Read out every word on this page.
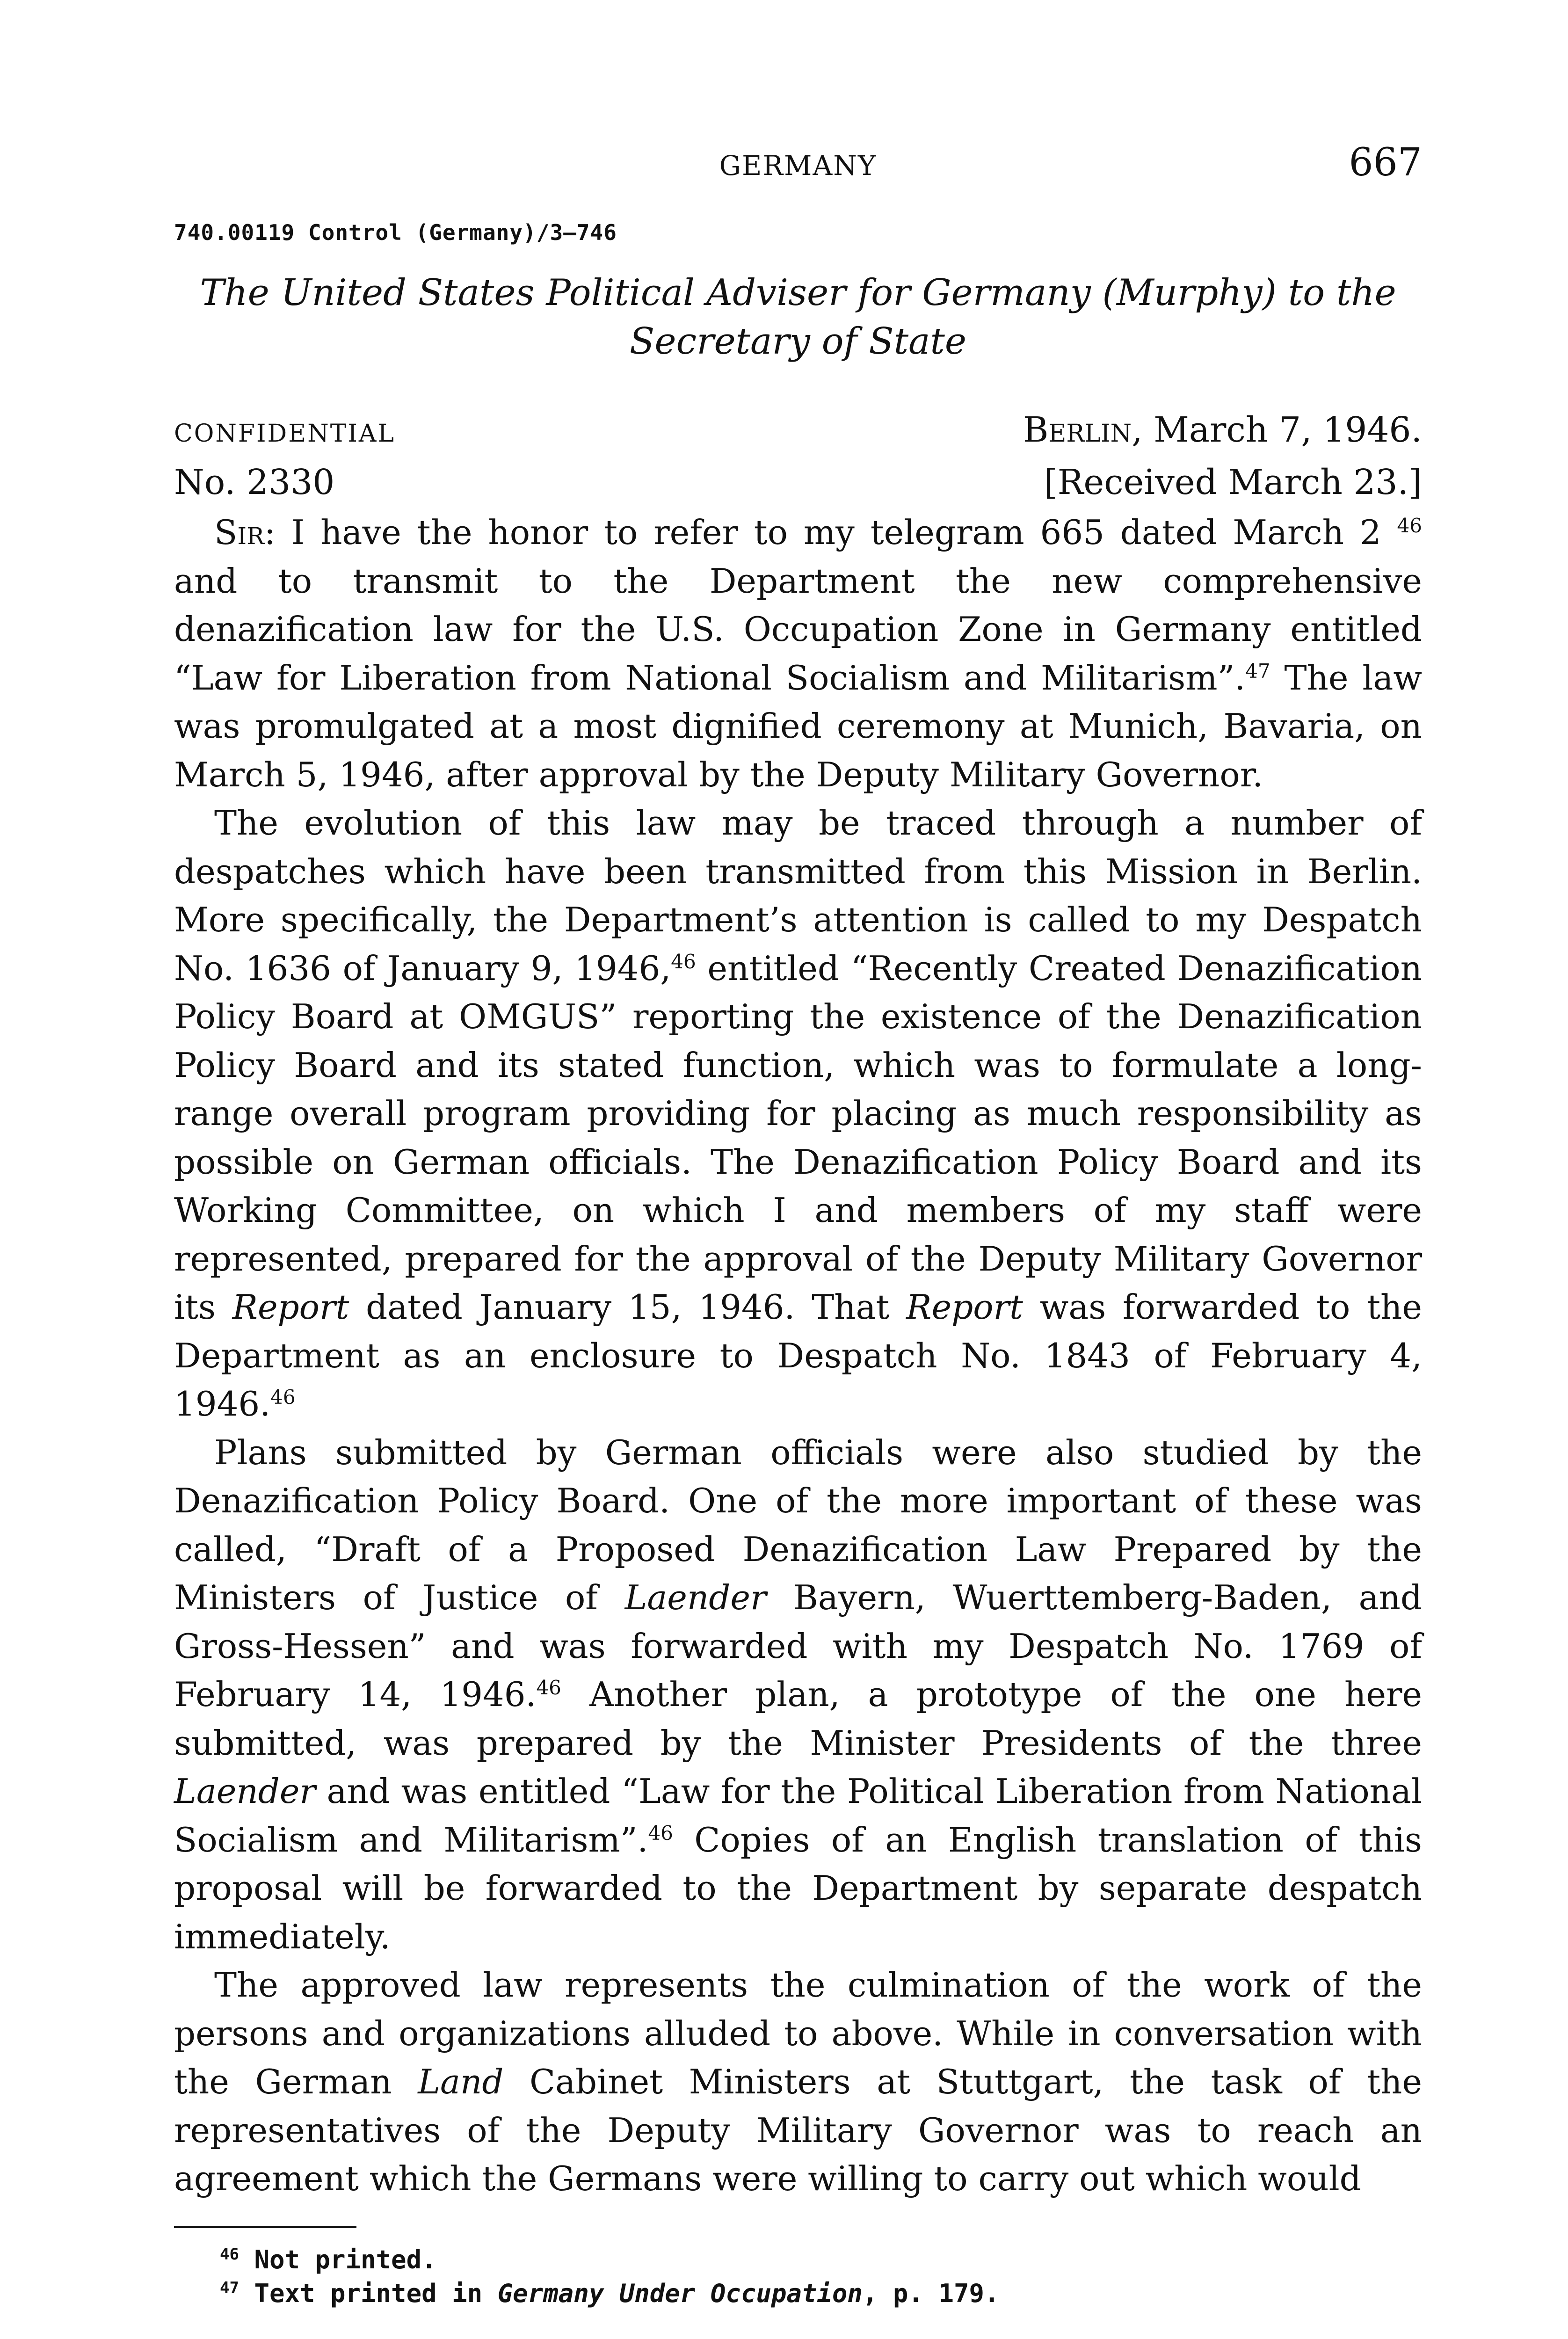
GERMANY	667
740.00119 Control (Germany)/3–746
The United States Political Adviser for Germany (Murphy) to the Secretary of State
CONFIDENTIAL	Berlin, March 7, 1946.
No. 2330	[Received March 23.]

Sir: I have the honor to refer to my telegram 665 dated March 2 $^{46}$ and to transmit to the Department the new comprehensive denazification law for the U.S. Occupation Zone in Germany entitled “Law for Liberation from National Socialism and Militarism”.$^{47}$ The law was promulgated at a most dignified ceremony at Munich, Bavaria, on March 5, 1946, after approval by the Deputy Military Governor.

The evolution of this law may be traced through a number of despatches which have been transmitted from this Mission in Berlin. More specifically, the Department’s attention is called to my Despatch No. 1636 of January 9, 1946,46 entitled “Recently Created Denazification Policy Board at OMGUS” reporting the existence of the Denazification Policy Board and its stated function, which was to formulate a long-range overall program providing for placing as much responsibility as possible on German officials. The Denazification Policy Board and its Working Committee, on which I and members of my staff were represented, prepared for the approval of the Deputy Military Governor its Report dated January 15, 1946. That Report was forwarded to the Department as an enclosure to Despatch No. 1843 of February 4, 1946.46

Plans submitted by German officials were also studied by the Denazification Policy Board. One of the more important of these was called, “Draft of a Proposed Denazification Law Prepared by the Ministers of Justice of Laender Bayern, Wuerttemberg-Baden, and Gross-Hessen” and was forwarded with my Despatch No. 1769 of February 14, 1946.46 Another plan, a prototype of the one here submitted, was prepared by the Minister Presidents of the three Laender and was entitled “Law for the Political Liberation from National Socialism and Militarism”.$^{46}$ Copies of an English translation of this proposal will be forwarded to the Department by separate despatch immediately.

The approved law represents the culmination of the work of the persons and organizations alluded to above. While in conversation with the German Land Cabinet Ministers at Stuttgart, the task of the representatives of the Deputy Military Governor was to reach an agreement which the Germans were willing to carry out which would

$^{46}$ Not printed.
$^{47}$ Text printed in Germany Under Occupation, p. 179.
